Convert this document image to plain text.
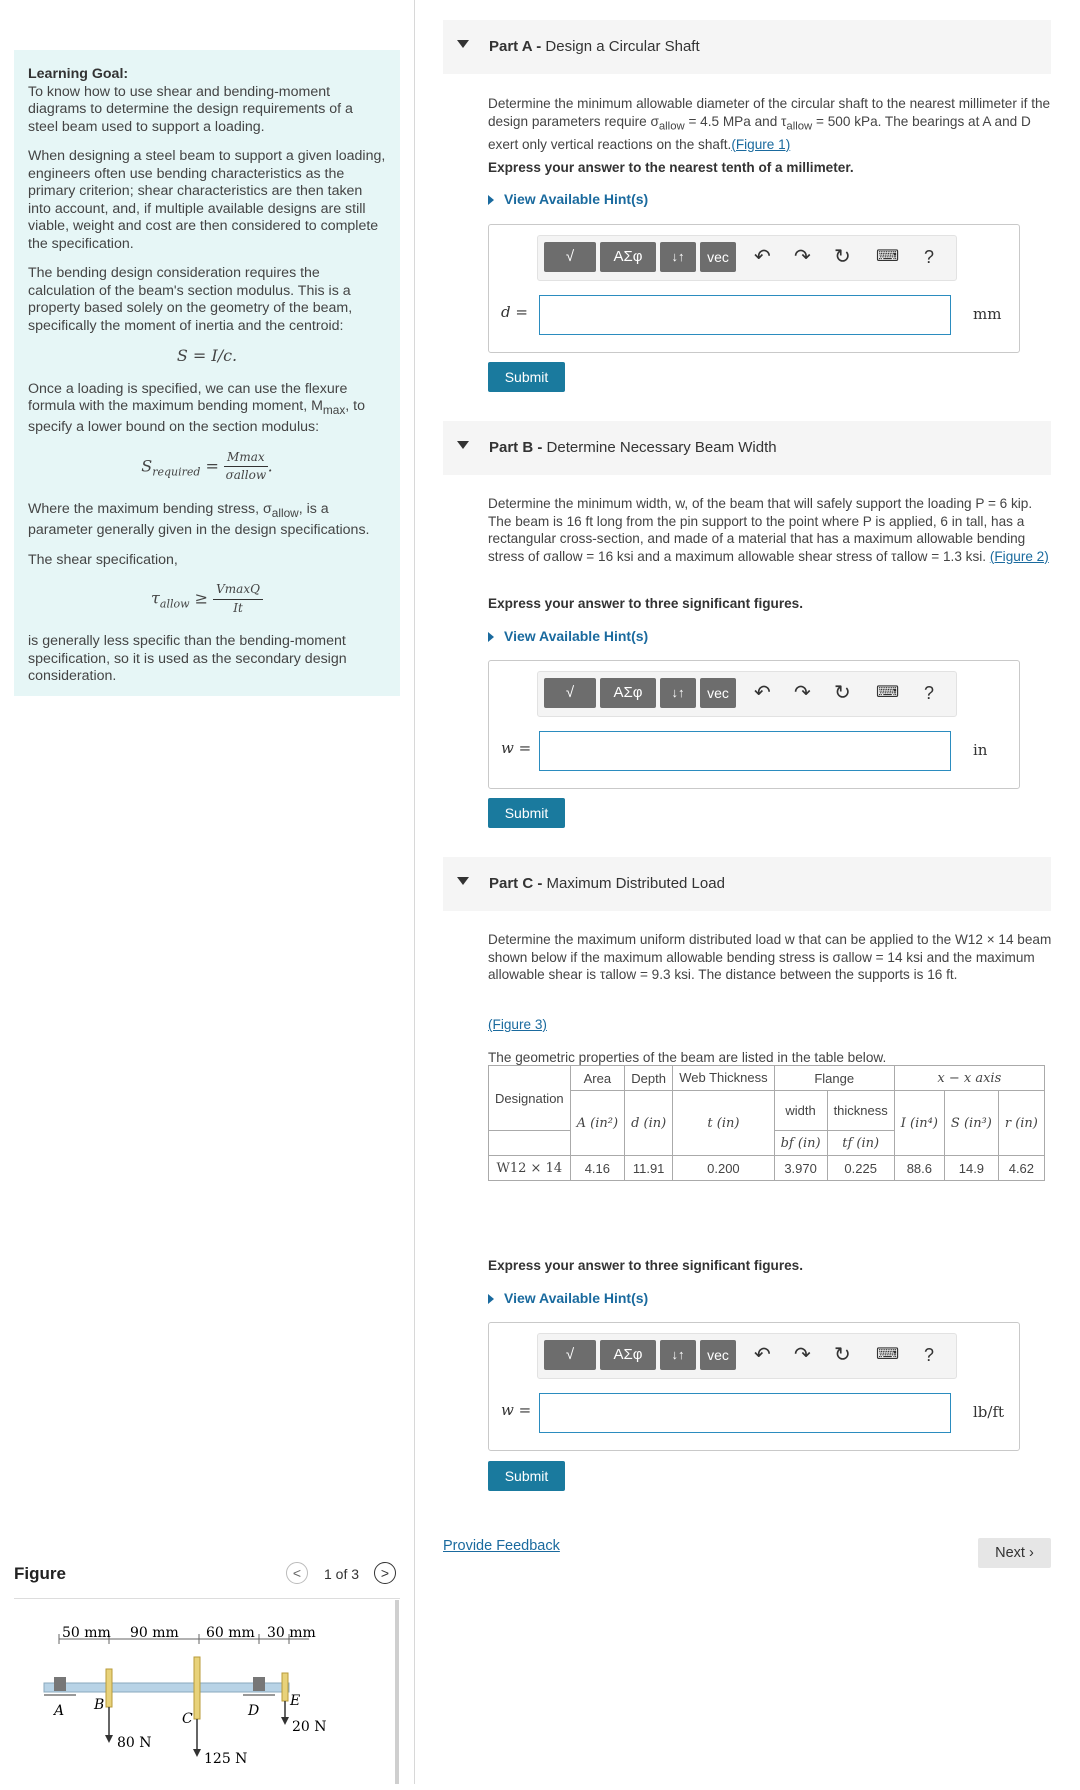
Learning Goal:
To know how to use shear and bending-moment diagrams to determine the design requirements of a steel beam used to support a loading.

When designing a steel beam to support a given loading, engineers often use bending characteristics as the primary criterion; shear characteristics are then taken into account, and, if multiple available designs are still viable, weight and cost are then considered to complete the specification.

The bending design consideration requires the calculation of the beam's section modulus. This is a property based solely on the geometry of the beam, specifically the moment of inertia and the centroid:

S = I/c.

Once a loading is specified, we can use the flexure formula with the maximum bending moment, $M_{max}$, to specify a lower bound on the section modulus:

$S_{required} = \frac{Mmax}{\text{σallow}}$ .

Where the maximum bending stress, $\sigma_{allow}$, is a parameter generally given in the design specifications.

The shear specification,

$\tau_{allow} \ge \frac{VmaxQ}{It}$

is generally less specific than the bending-moment specification, so it is used as the secondary design consideration.

Figure	<	1 of 3	>
50 mm 90 mm 60 mm 30 mm
A B
C	D
E
80 N
125 N
20 N
Part A - Design a Circular Shaft
Determine the minimum allowable diameter of the circular shaft to the nearest millimeter if the design parameters require $\sigma_{allow} = 4.5$ MPa and $\tau_{allow} = 500$ kPa. The bearings at A and D exert only vertical reactions on the shaft.(Figure 1)
Express your answer to the nearest tenth of a millimeter.
View Available Hint(s)
√	ΑΣφ	↓↑	vec	↶ ↷ ↻ ⌨ ?
d =	mm
Submit
Part B - Determine Necessary Beam Width
Determine the minimum width, w, of the beam that will safely support the loading P = 6 kip. The beam is 16 ft long from the pin support to the point where P is applied, 6 in tall, has a rectangular cross-section, and made of a material that has a maximum allowable bending stress of σallow = 16 ksi and a maximum allowable shear stress of τallow = 1.3 ksi. (Figure 2)
Express your answer to three significant figures.
View Available Hint(s)
√	ΑΣφ	↓↑	vec	↶ ↷ ↻ ⌨ ?
w =	in
Submit
Part C - Maximum Distributed Load
Determine the maximum uniform distributed load w that can be applied to the W12 × 14 beam shown below if the maximum allowable bending stress is σallow = 14 ksi and the maximum allowable shear is τallow = 9.3 ksi. The distance between the supports is 16 ft.
(Figure 3)
The geometric properties of the beam are listed in the table below.
Designation	Area	Depth	Web Thickness	Flange		x − x axis		
	A (in²)	d (in)	t (in)	width	thickness	I (in⁴)	S (in³)	r (in)
				bf (in)	tf (in)			
W12 × 14	4.16	11.91	0.200	3.970	0.225	88.6	14.9	4.62
Express your answer to three significant figures.
View Available Hint(s)
√	ΑΣφ	↓↑	vec	↶ ↷ ↻ ⌨ ?
w =	lb/ft
Submit
Provide Feedback	Next ›
